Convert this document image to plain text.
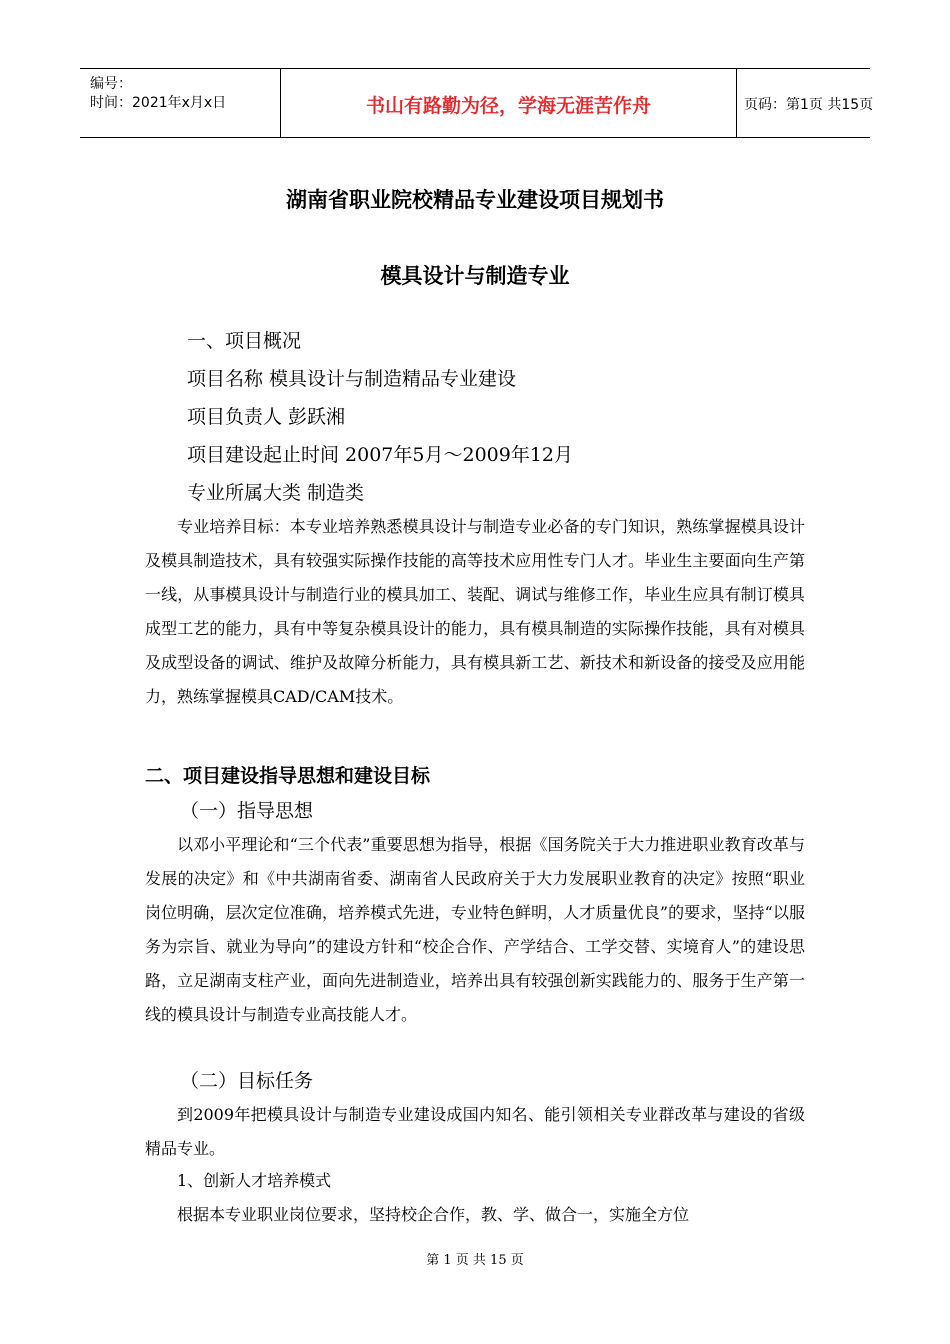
编号：
时间：2021年x月x日	书山有路勤为径，学海无涯苦作舟	页码：第1页 共15页
湖南省职业院校精品专业建设项目规划书
模具设计与制造专业
一、项目概况
项目名称 模具设计与制造精品专业建设
项目负责人 彭跃湘
项目建设起止时间 2007年5月～2009年12月
专业所属大类 制造类
专业培养目标：本专业培养熟悉模具设计与制造专业必备的专门知识，熟练掌握模具设计及模具制造技术，具有较强实际操作技能的高等技术应用性专门人才。毕业生主要面向生产第一线，从事模具设计与制造行业的模具加工、装配、调试与维修工作，毕业生应具有制订模具成型工艺的能力，具有中等复杂模具设计的能力，具有模具制造的实际操作技能，具有对模具及成型设备的调试、维护及故障分析能力，具有模具新工艺、新技术和新设备的接受及应用能力，熟练掌握模具CAD/CAM技术。
二、项目建设指导思想和建设目标
（一）指导思想
以邓小平理论和“三个代表”重要思想为指导，根据《国务院关于大力推进职业教育改革与发展的决定》和《中共湖南省委、湖南省人民政府关于大力发展职业教育的决定》按照“职业岗位明确，层次定位准确，培养模式先进，专业特色鲜明，人才质量优良”的要求，坚持“以服务为宗旨、就业为导向”的建设方针和“校企合作、产学结合、工学交替、实境育人”的建设思路，立足湖南支柱产业，面向先进制造业，培养出具有较强创新实践能力的、服务于生产第一线的模具设计与制造专业高技能人才。
（二）目标任务
到2009年把模具设计与制造专业建设成国内知名、能引领相关专业群改革与建设的省级精品专业。
1、创新人才培养模式
根据本专业职业岗位要求，坚持校企合作，教、学、做合一，实施全方位
第 1 页 共 15 页
